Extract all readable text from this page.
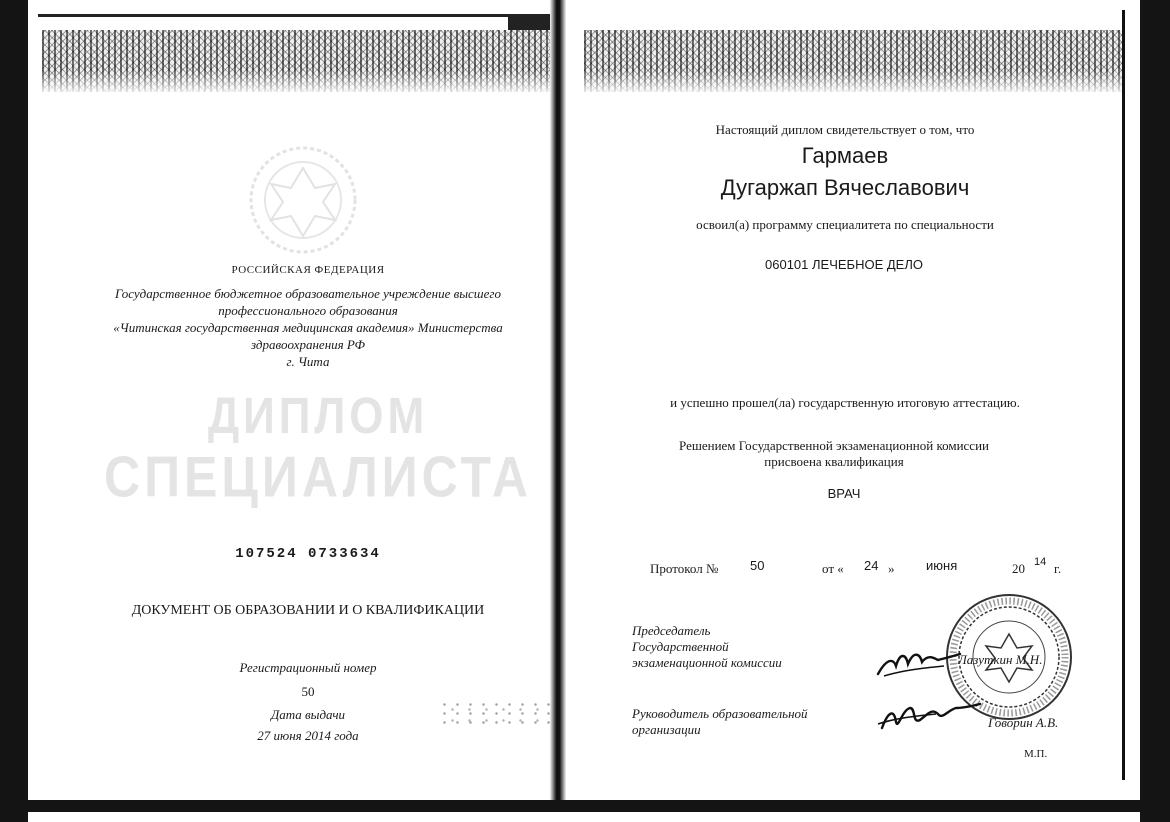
ДИПЛОМ
СПЕЦИАЛИСТА
РОССИЙСКАЯ ФЕДЕРАЦИЯ
Государственное бюджетное образовательное учреждение высшего
профессионального образования
«Читинская государственная медицинская академия» Министерства
здравоохранения РФ
г. Чита
107524 0733634
ДОКУМЕНТ ОБ ОБРАЗОВАНИИ И О КВАЛИФИКАЦИИ
Регистрационный номер
50
Дата выдачи
27 июня 2014 года
Настоящий диплом свидетельствует о том, что
Гармаев
Дугаржап Вячеславович
освоил(а) программу специалитета по специальности
060101 ЛЕЧЕБНОЕ ДЕЛО
и успешно прошел(ла) государственную итоговую аттестацию.
Решением Государственной экзаменационной комиссии
присвоена квалификация
ВРАЧ
Протокол № 50	от « 24 » июня	20 14 г.
Председатель
Государственной
экзаменационной комиссии
Руководитель образовательной
организации
Лазуткин М.Н.
Говорин А.В.
М.П.
